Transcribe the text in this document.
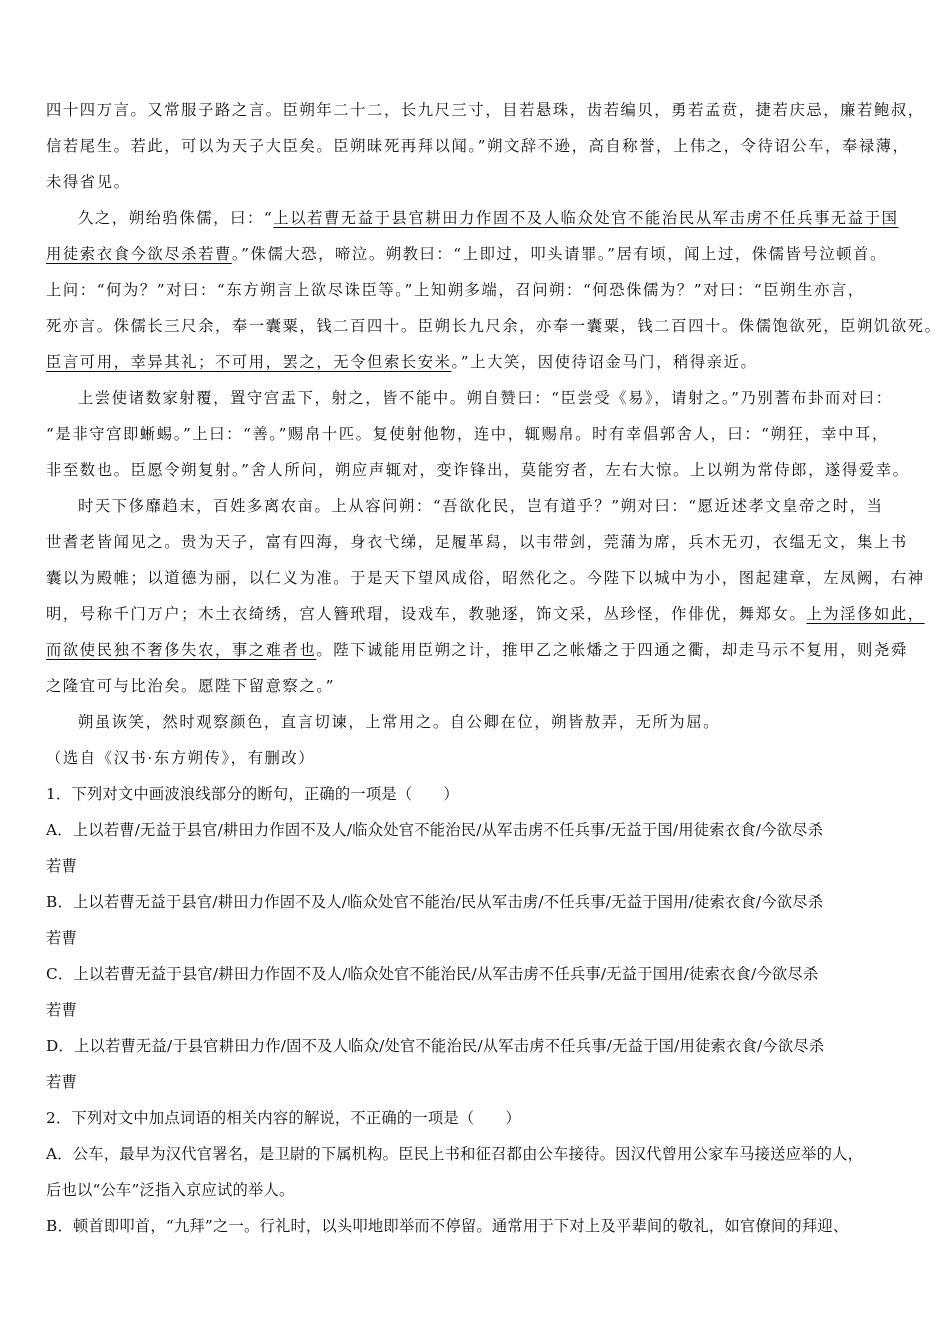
四十四万言。又常服子路之言。臣朔年二十二，长九尺三寸，目若悬珠，齿若编贝，勇若孟贲，捷若庆忌，廉若鲍叔，
信若尾生。若此，可以为天子大臣矣。臣朔昧死再拜以闻。”朔文辞不逊，高自称誉，上伟之，令待诏公车，奉禄薄，
未得省见。
久之，朔绐驺侏儒，曰：“上以若曹无益于县官耕田力作固不及人临众处官不能治民从军击虏不任兵事无益于国
用徒索衣食今欲尽杀若曹。”侏儒大恐，啼泣。朔教曰：“上即过，叩头请罪。”居有顷，闻上过，侏儒皆号泣顿首。
上问：“何为？”对曰：“东方朔言上欲尽诛臣等。”上知朔多端，召问朔：“何恐侏儒为？”对曰：“臣朔生亦言，
死亦言。侏儒长三尺余，奉一囊粟，钱二百四十。臣朔长九尺余，亦奉一囊粟，钱二百四十。侏儒饱欲死，臣朔饥欲死。
臣言可用，幸异其礼；不可用，罢之，无令但索长安米。”上大笑，因使待诏金马门，稍得亲近。
上尝使诸数家射覆，置守宫盂下，射之，皆不能中。朔自赞曰：“臣尝受《易》，请射之。”乃别蓍布卦而对曰：
“是非守宫即蜥蜴。”上曰：“善。”赐帛十匹。复使射他物，连中，辄赐帛。时有幸倡郭舍人，曰：“朔狂，幸中耳，
非至数也。臣愿令朔复射。”舍人所问，朔应声辄对，变诈锋出，莫能穷者，左右大惊。上以朔为常侍郎，遂得爱幸。
时天下侈靡趋末，百姓多离农亩。上从容问朔：“吾欲化民，岂有道乎？”朔对曰：“愿近述孝文皇帝之时，当
世耆老皆闻见之。贵为天子，富有四海，身衣弋绨，足履革舄，以韦带剑，莞蒲为席，兵木无刃，衣缊无文，集上书
囊以为殿帷；以道德为丽，以仁义为准。于是天下望风成俗，昭然化之。今陛下以城中为小，图起建章，左凤阙，右神
明，号称千门万户；木土衣绮绣，宫人簪玳瑁，设戏车，教驰逐，饰文采，丛珍怪，作俳优，舞郑女。上为淫侈如此，
而欲使民独不奢侈失农，事之难者也。陛下诚能用臣朔之计，推甲乙之帐燔之于四通之衢，却走马示不复用，则尧舜
之隆宜可与比治矣。愿陛下留意察之。”
朔虽诙笑，然时观察颜色，直言切谏，上常用之。自公卿在位，朔皆敖弄，无所为屈。
（选自《汉书·东方朔传》，有删改）
1．下列对文中画波浪线部分的断句，正确的一项是（　　）
A．上以若曹/无益于县官/耕田力作固不及人/临众处官不能治民/从军击虏不任兵事/无益于国/用徒索衣食/今欲尽杀
若曹
B．上以若曹无益于县官/耕田力作固不及人/临众处官不能治/民从军击虏/不任兵事/无益于国用/徒索衣食/今欲尽杀
若曹
C．上以若曹无益于县官/耕田力作固不及人/临众处官不能治民/从军击虏不任兵事/无益于国用/徒索衣食/今欲尽杀
若曹
D．上以若曹无益/于县官耕田力作/固不及人临众/处官不能治民/从军击虏不任兵事/无益于国/用徒索衣食/今欲尽杀
若曹
2．下列对文中加点词语的相关内容的解说，不正确的一项是（　　）
A．公车，最早为汉代官署名，是卫尉的下属机构。臣民上书和征召都由公车接待。因汉代曾用公家车马接送应举的人，
后也以“公车”泛指入京应试的举人。
B．顿首即叩首，“九拜”之一。行礼时，以头叩地即举而不停留。通常用于下对上及平辈间的敬礼，如官僚间的拜迎、
